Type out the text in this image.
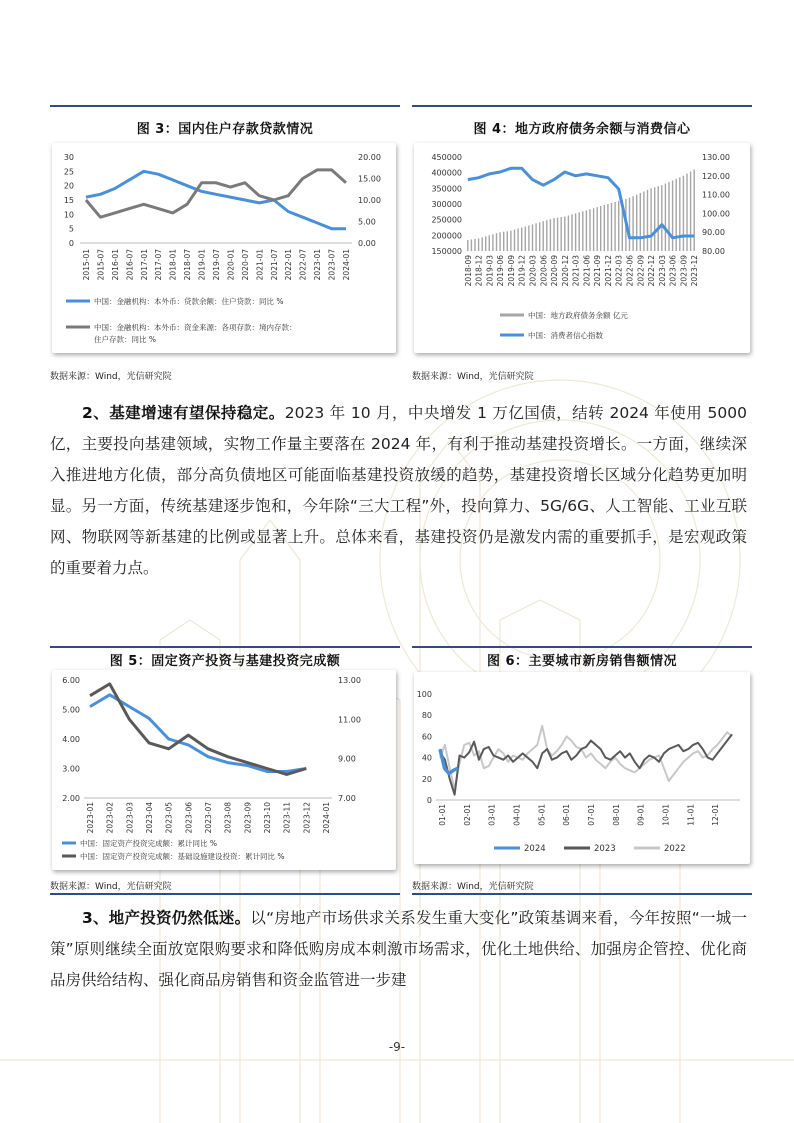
图 3：国内住户存款贷款情况
0
5
10
15
20
25
30
0.00
5.00
10.00
15.00
20.00
2015-01 2015-07 2016-01 2016-07 2017-01 2017-07 2018-01 2018-07 2019-01 2019-07 2020-01 2020-07 2021-01 2021-07 2022-01 2022-07 2023-01 2023-07 2024-01
中国：金融机构：本外币：贷款余额：住户贷款：同比 %
中国：金融机构：本外币：资金来源：各项存款：境内存款：
住户存款：同比 %
数据来源：Wind，光信研究院
图 4：地方政府债务余额与消费信心
150000
200000
250000
300000
350000
400000
450000
80.00
90.00
100.00
110.00
120.00
130.00
2018-09 2018-12 2019-03 2019-06 2019-09 2019-12 2020-03 2020-06 2020-09 2020-12 2021-03 2021-06 2021-09 2021-12 2022-03 2022-06 2022-09 2022-12 2023-03 2023-06 2023-09 2023-12
中国：地方政府债务余额 亿元
中国：消费者信心指数
数据来源：Wind，光信研究院
2、基建增速有望保持稳定。2023 年 10 月，中央增发 1 万亿国债，结转 2024 年使用 5000 亿，主要投向基建领域，实物工作量主要落在 2024 年，有利于推动基建投资增长。一方面，继续深入推进地方化债，部分高负债地区可能面临基建投资放缓的趋势，基建投资增长区域分化趋势更加明显。另一方面，传统基建逐步饱和，今年除“三大工程”外，投向算力、5G/6G、人工智能、工业互联网、物联网等新基建的比例或显著上升。总体来看，基建投资仍是激发内需的重要抓手，是宏观政策的重要着力点。
图 5：固定资产投资与基建投资完成额
2.00
3.00
4.00
5.00
6.00
7.00
9.00
11.00
13.00
2023-01 2023-02 2023-03 2023-04 2023-05 2023-06 2023-07 2023-08 2023-09 2023-10 2023-11 2023-12 2024-01
中国：固定资产投资完成额：累计同比 %
中国：固定资产投资完成额：基础设施建设投资：累计同比 %
数据来源：Wind，光信研究院
图 6：主要城市新房销售额情况
0
20
40
60
80
100
01-01 02-01 03-01 04-01 05-01 06-01 07-01 08-01 09-01 10-01 11-01 12-01
2024	2023	2022
数据来源：Wind，光信研究院
3、地产投资仍然低迷。以“房地产市场供求关系发生重大变化”政策基调来看，今年按照“一城一策”原则继续全面放宽限购要求和降低购房成本刺激市场需求，优化土地供给、加强房企管控、优化商品房供给结构、强化商品房销售和资金监管进一步建
-9-
